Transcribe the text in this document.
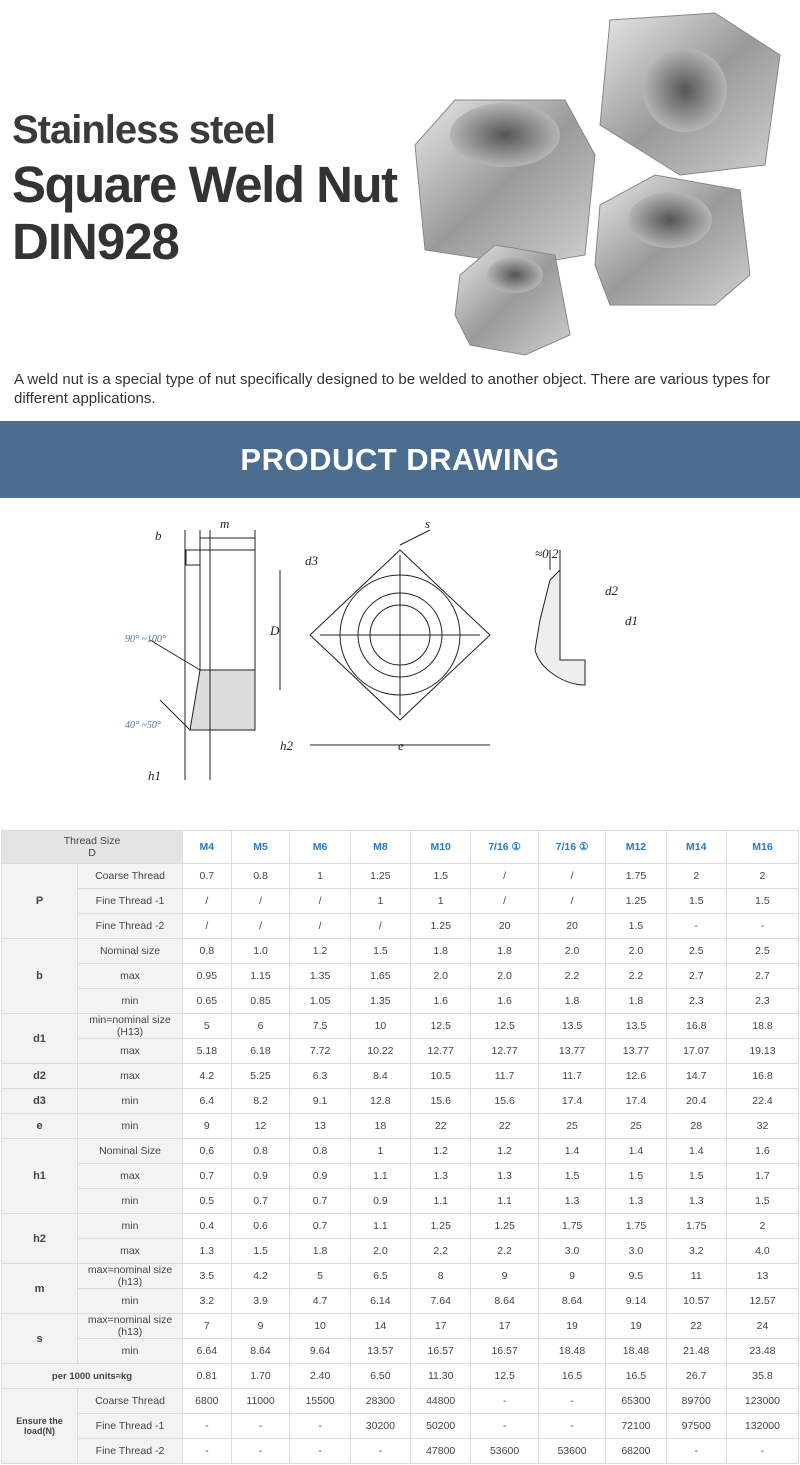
Stainless steel
Square Weld Nut
DIN928
A weld nut is a special type of nut specifically designed to be welded to another object. There are various types for different applications.
PRODUCT DRAWING
m
b
D
d3
90° ~100°
40° ~50°
h2
h1
s
e
≈0.2
d2
d1
Thread Size
D		M4	M5	M6	M8	M10	7/16 ①	7/16 ①	M12	M14	M16
P	Coarse Thread	0.7	0.8	1	1.25	1.5	/	/	1.75	2	2
	Fine Thread -1	/	/	/	1	1	/	/	1.25	1.5	1.5
	Fine Thread -2	/	/	/	/	1.25	20	20	1.5	-	-
b	Nominal size	0.8	1.0	1.2	1.5	1.8	1.8	2.0	2.0	2.5	2.5
	max	0.95	1.15	1.35	1.65	2.0	2.0	2.2	2.2	2.7	2.7
	min	0.65	0.85	1.05	1.35	1.6	1.6	1.8	1.8	2.3	2.3
d1	min=nominal size (H13)	5	6	7.5	10	12.5	12.5	13.5	13.5	16.8	18.8
	max	5.18	6.18	7.72	10.22	12.77	12.77	13.77	13.77	17.07	19.13
d2	max	4.2	5.25	6.3	8.4	10.5	11.7	11.7	12.6	14.7	16.8
d3	min	6.4	8.2	9.1	12.8	15.6	15.6	17.4	17.4	20.4	22.4
e	min	9	12	13	18	22	22	25	25	28	32
h1	Nominal Size	0.6	0.8	0.8	1	1.2	1.2	1.4	1.4	1.4	1.6
	max	0.7	0.9	0.9	1.1	1.3	1.3	1.5	1.5	1.5	1.7
	min	0.5	0.7	0.7	0.9	1.1	1.1	1.3	1.3	1.3	1.5
h2	min	0.4	0.6	0.7	1.1	1.25	1.25	1.75	1.75	1.75	2
	max	1.3	1.5	1.8	2.0	2.2	2.2	3.0	3.0	3.2	4.0
m	max=nominal size (h13)	3.5	4.2	5	6.5	8	9	9	9.5	11	13
	min	3.2	3.9	4.7	6.14	7.64	8.64	8.64	9.14	10.57	12.57
s	max=nominal size (h13)	7	9	10	14	17	17	19	19	22	24
	min	6.64	8.64	9.64	13.57	16.57	16.57	18.48	18.48	21.48	23.48
per 1000 units≈kg		0.81	1.70	2.40	6.50	11.30	12.5	16.5	16.5	26.7	35.8
Ensure the load(N)	Coarse Thread	6800	11000	15500	28300	44800	-	-	65300	89700	123000
	Fine Thread -1	-	-	-	30200	50200	-	-	72100	97500	132000
	Fine Thread -2	-	-	-	-	47800	53600	53600	68200	-	-
